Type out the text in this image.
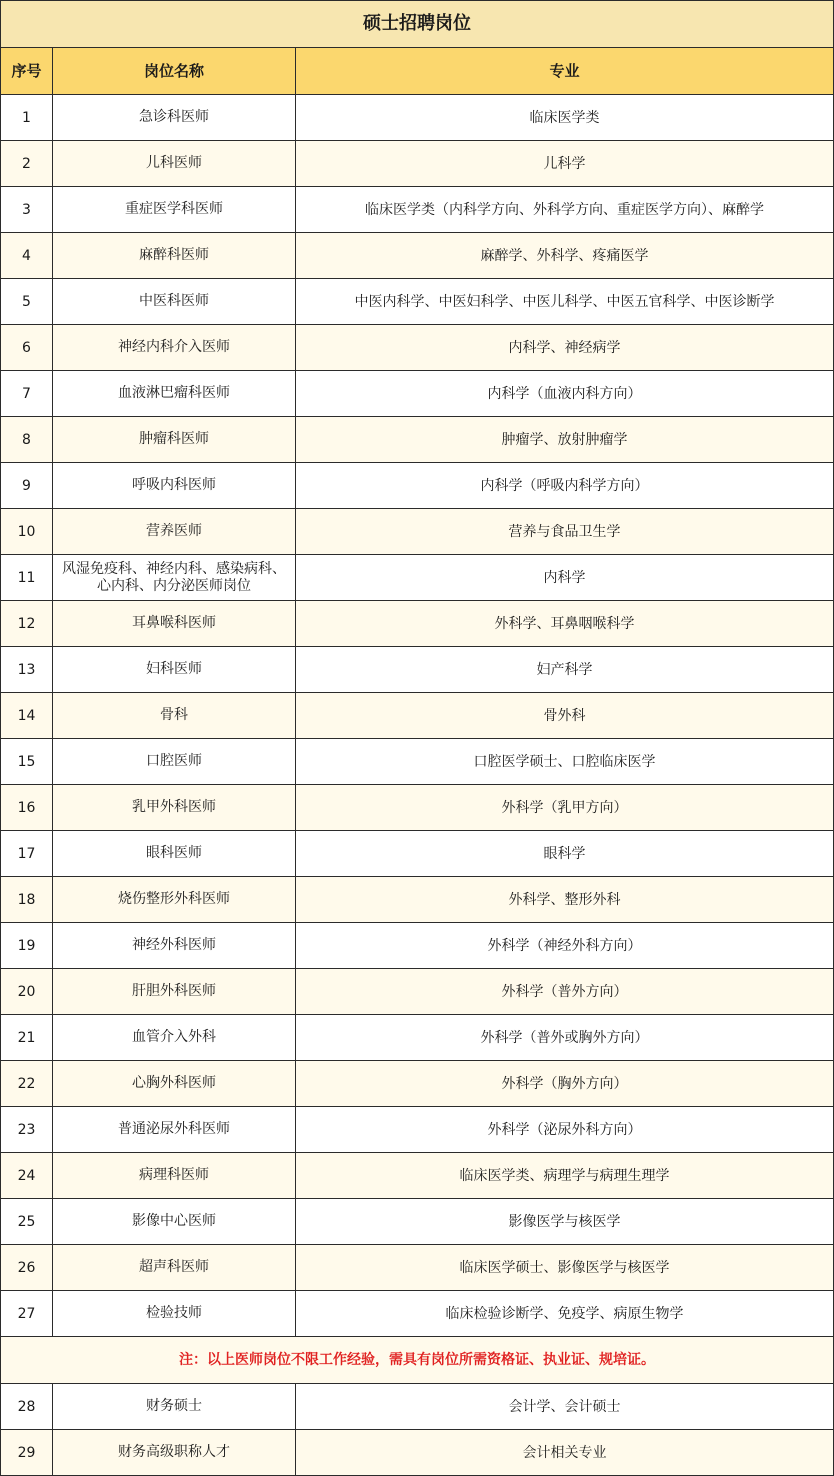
硕士招聘岗位		
序号	岗位名称	专业
1	急诊科医师	临床医学类
2	儿科医师	儿科学
3	重症医学科医师	临床医学类（内科学方向、外科学方向、重症医学方向）、麻醉学
4	麻醉科医师	麻醉学、外科学、疼痛医学
5	中医科医师	中医内科学、中医妇科学、中医儿科学、中医五官科学、中医诊断学
6	神经内科介入医师	内科学、神经病学
7	血液淋巴瘤科医师	内科学（血液内科方向）
8	肿瘤科医师	肿瘤学、放射肿瘤学
9	呼吸内科医师	内科学（呼吸内科学方向）
10	营养医师	营养与食品卫生学
11	风湿免疫科、神经内科、感染病科、心内科、内分泌医师岗位	内科学
12	耳鼻喉科医师	外科学、耳鼻咽喉科学
13	妇科医师	妇产科学
14	骨科	骨外科
15	口腔医师	口腔医学硕士、口腔临床医学
16	乳甲外科医师	外科学（乳甲方向）
17	眼科医师	眼科学
18	烧伤整形外科医师	外科学、整形外科
19	神经外科医师	外科学（神经外科方向）
20	肝胆外科医师	外科学（普外方向）
21	血管介入外科	外科学（普外或胸外方向）
22	心胸外科医师	外科学（胸外方向）
23	普通泌尿外科医师	外科学（泌尿外科方向）
24	病理科医师	临床医学类、病理学与病理生理学
25	影像中心医师	影像医学与核医学
26	超声科医师	临床医学硕士、影像医学与核医学
27	检验技师	临床检验诊断学、免疫学、病原生物学
注：以上医师岗位不限工作经验，需具有岗位所需资格证、执业证、规培证。		
28	财务硕士	会计学、会计硕士
29	财务高级职称人才	会计相关专业
